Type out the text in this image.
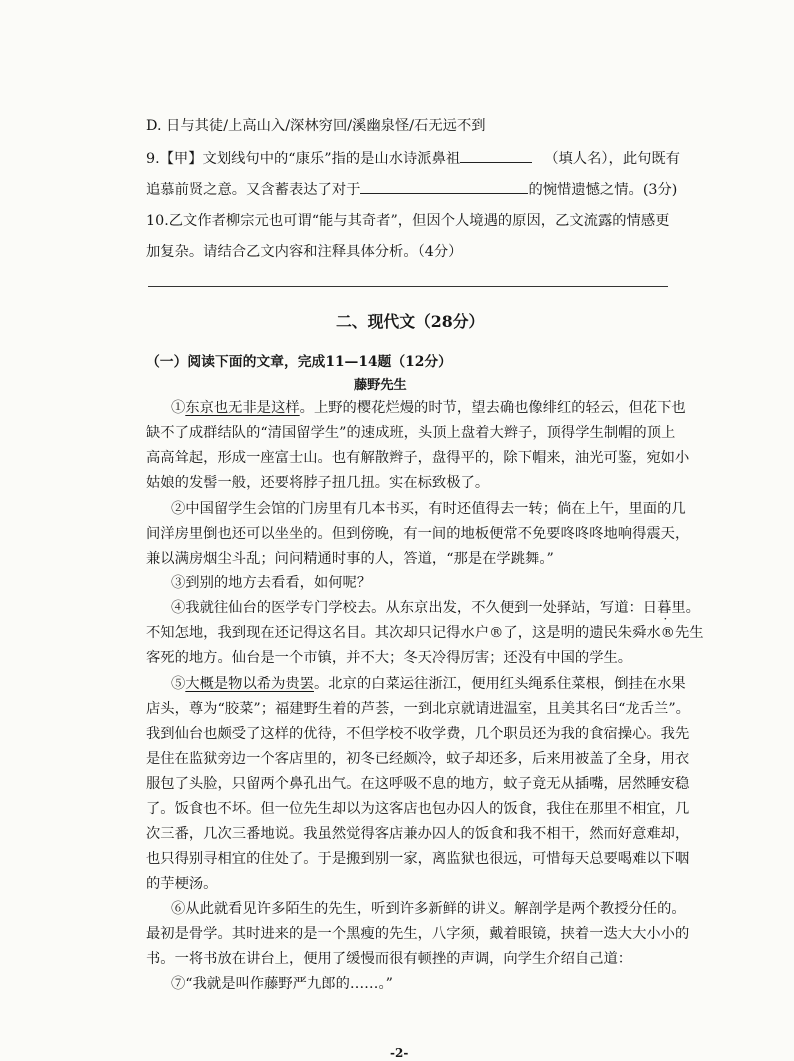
D. 日与其徒/上高山入/深林穷回/溪幽泉怪/石无远不到
9.【甲】文划线句中的“康乐”指的是山水诗派鼻祖	（填人名），此句既有
追慕前贤之意。又含蓄表达了对于	的惋惜遗憾之情。(3分)
10.乙文作者柳宗元也可谓“能与其奇者”，但因个人境遇的原因，乙文流露的情感更
加复杂。请结合乙文内容和注释具体分析。（4分）
二、现代文（28分）
（一）阅读下面的文章，完成11—14题（12分）
藤野先生
①东京也无非是这样。上野的樱花烂熳的时节，望去确也像绯红的轻云，但花下也
缺不了成群结队的“清国留学生”的速成班，头顶上盘着大辫子，顶得学生制帽的顶上
高高耸起，形成一座富士山。也有解散辫子，盘得平的，除下帽来，油光可鉴，宛如小
姑娘的发髻一般，还要将脖子扭几扭。实在标致极了。
②中国留学生会馆的门房里有几本书买，有时还值得去一转；倘在上午，里面的几
间洋房里倒也还可以坐坐的。但到傍晚，有一间的地板便常不免要咚咚咚地响得震天，
兼以满房烟尘斗乱；问问精通时事的人，答道，“那是在学跳舞。”
③到别的地方去看看，如何呢？
④我就往仙台的医学专门学校去。从东京出发，不久便到一处驿站，写道：日暮里。
不知怎地，我到现在还记得这名目。其次却只记得水户®了，这是明的遗民朱舜水®先生
客死的地方。仙台是一个市镇，并不大；冬天冷得厉害；还没有中国的学生。
⑤大概是物以希为贵罢。北京的白菜运往浙江，便用红头绳系住菜根，倒挂在水果
店头，尊为“胶菜”；福建野生着的芦荟，一到北京就请进温室，且美其名曰“龙舌兰”。
我到仙台也颇受了这样的优待，不但学校不收学费，几个职员还为我的食宿操心。我先
是住在监狱旁边一个客店里的，初冬已经颇冷，蚊子却还多，后来用被盖了全身，用衣
服包了头脸，只留两个鼻孔出气。在这呼吸不息的地方，蚊子竟无从插嘴，居然睡安稳
了。饭食也不坏。但一位先生却以为这客店也包办囚人的饭食，我住在那里不相宜，几
次三番，几次三番地说。我虽然觉得客店兼办囚人的饭食和我不相干，然而好意难却，
也只得别寻相宜的住处了。于是搬到别一家，离监狱也很远，可惜每天总要喝难以下咽
的芋梗汤。
⑥从此就看见许多陌生的先生，听到许多新鲜的讲义。解剖学是两个教授分任的。
最初是骨学。其时进来的是一个黑瘦的先生，八字须，戴着眼镜，挟着一迭大大小小的
书。一将书放在讲台上，便用了缓慢而很有顿挫的声调，向学生介绍自己道：
⑦“我就是叫作藤野严九郎的……。”
-2-
